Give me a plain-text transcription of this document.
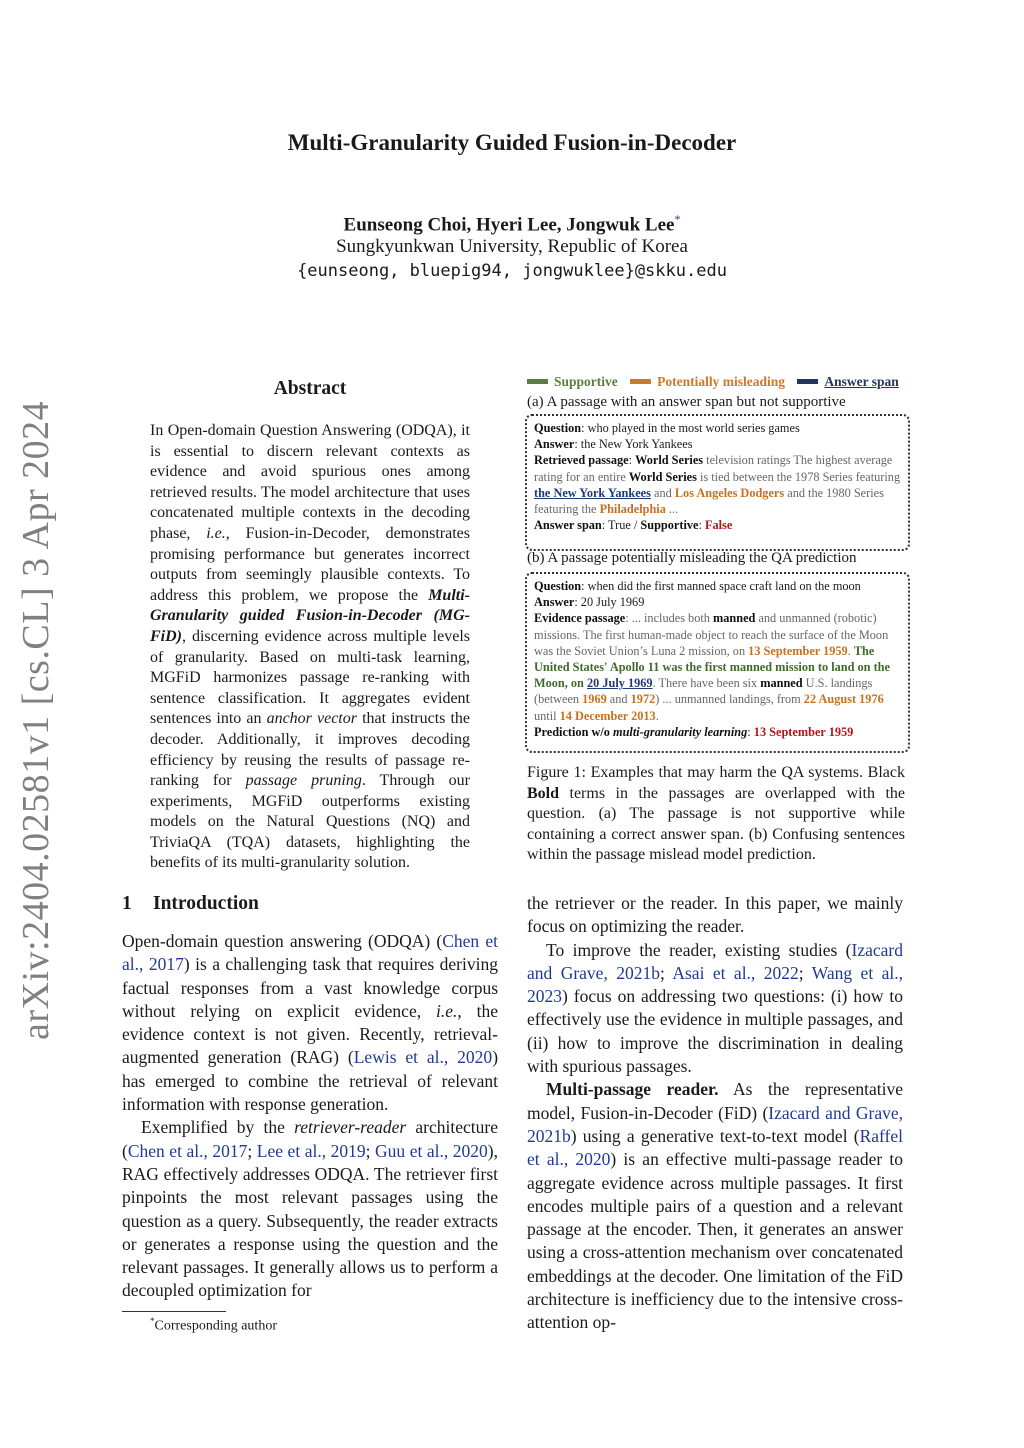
arXiv:2404.02581v1 [cs.CL] 3 Apr 2024
Multi-Granularity Guided Fusion-in-Decoder
Eunseong Choi, Hyeri Lee, Jongwuk Lee*
Sungkyunkwan University, Republic of Korea
{eunseong, bluepig94, jongwuklee}@skku.edu
Abstract
In Open-domain Question Answering (ODQA), it is essential to discern relevant contexts as evidence and avoid spurious ones among retrieved results. The model architecture that uses concatenated multiple contexts in the decoding phase, i.e., Fusion-in-Decoder, demonstrates promising performance but generates incorrect outputs from seemingly plausible contexts. To address this problem, we propose the Multi-Granularity guided Fusion-in-Decoder (MG-FiD), discerning evidence across multiple levels of granularity. Based on multi-task learning, MGFiD harmonizes passage re-ranking with sentence classification. It aggregates evident sentences into an anchor vector that instructs the decoder. Additionally, it improves decoding efficiency by reusing the results of passage re-ranking for passage pruning. Through our experiments, MGFiD outperforms existing models on the Natural Questions (NQ) and TriviaQA (TQA) datasets, highlighting the benefits of its multi-granularity solution.
1 Introduction

Open-domain question answering (ODQA) (Chen et al., 2017) is a challenging task that requires deriving factual responses from a vast knowledge corpus without relying on explicit evidence, i.e., the evidence context is not given. Recently, retrieval-augmented generation (RAG) (Lewis et al., 2020) has emerged to combine the retrieval of relevant information with response generation.

Exemplified by the retriever-reader architecture (Chen et al., 2017; Lee et al., 2019; Guu et al., 2020), RAG effectively addresses ODQA. The retriever first pinpoints the most relevant passages using the question as a query. Subsequently, the reader extracts or generates a response using the question and the relevant passages. It generally allows us to perform a decoupled optimization for

*Corresponding author
Supportive	Potentially misleading	Answer span
(a) A passage with an answer span but not supportive
Question: who played in the most world series games
Answer: the New York Yankees
Retrieved passage: World Series television ratings The highest average rating for an entire World Series is tied between the 1978 Series featuring the New York Yankees and Los Angeles Dodgers and the 1980 Series featuring the Philadelphia ...
Answer span: True / Supportive: False
(b) A passage potentially misleading the QA prediction
Question: when did the first manned space craft land on the moon
Answer: 20 July 1969
Evidence passage: ... includes both manned and unmanned (robotic) missions. The first human-made object to reach the surface of the Moon was the Soviet Union’s Luna 2 mission, on 13 September 1959. The United States' Apollo 11 was the first manned mission to land on the Moon, on 20 July 1969. There have been six manned U.S. landings (between 1969 and 1972) ... unmanned landings, from 22 August 1976 until 14 December 2013.
Prediction w/o multi-granularity learning: 13 September 1959
Figure 1: Examples that may harm the QA systems. Black Bold terms in the passages are overlapped with the question. (a) The passage is not supportive while containing a correct answer span. (b) Confusing sentences within the passage mislead model prediction.

the retriever or the reader. In this paper, we mainly focus on optimizing the reader.

To improve the reader, existing studies (Izacard and Grave, 2021b; Asai et al., 2022; Wang et al., 2023) focus on addressing two questions: (i) how to effectively use the evidence in multiple passages, and (ii) how to improve the discrimination in dealing with spurious passages.

Multi-passage reader. As the representative model, Fusion-in-Decoder (FiD) (Izacard and Grave, 2021b) using a generative text-to-text model (Raffel et al., 2020) is an effective multi-passage reader to aggregate evidence across multiple passages. It first encodes multiple pairs of a question and a relevant passage at the encoder. Then, it generates an answer using a cross-attention mechanism over concatenated embeddings at the decoder. One limitation of the FiD architecture is inefficiency due to the intensive cross-attention op-
